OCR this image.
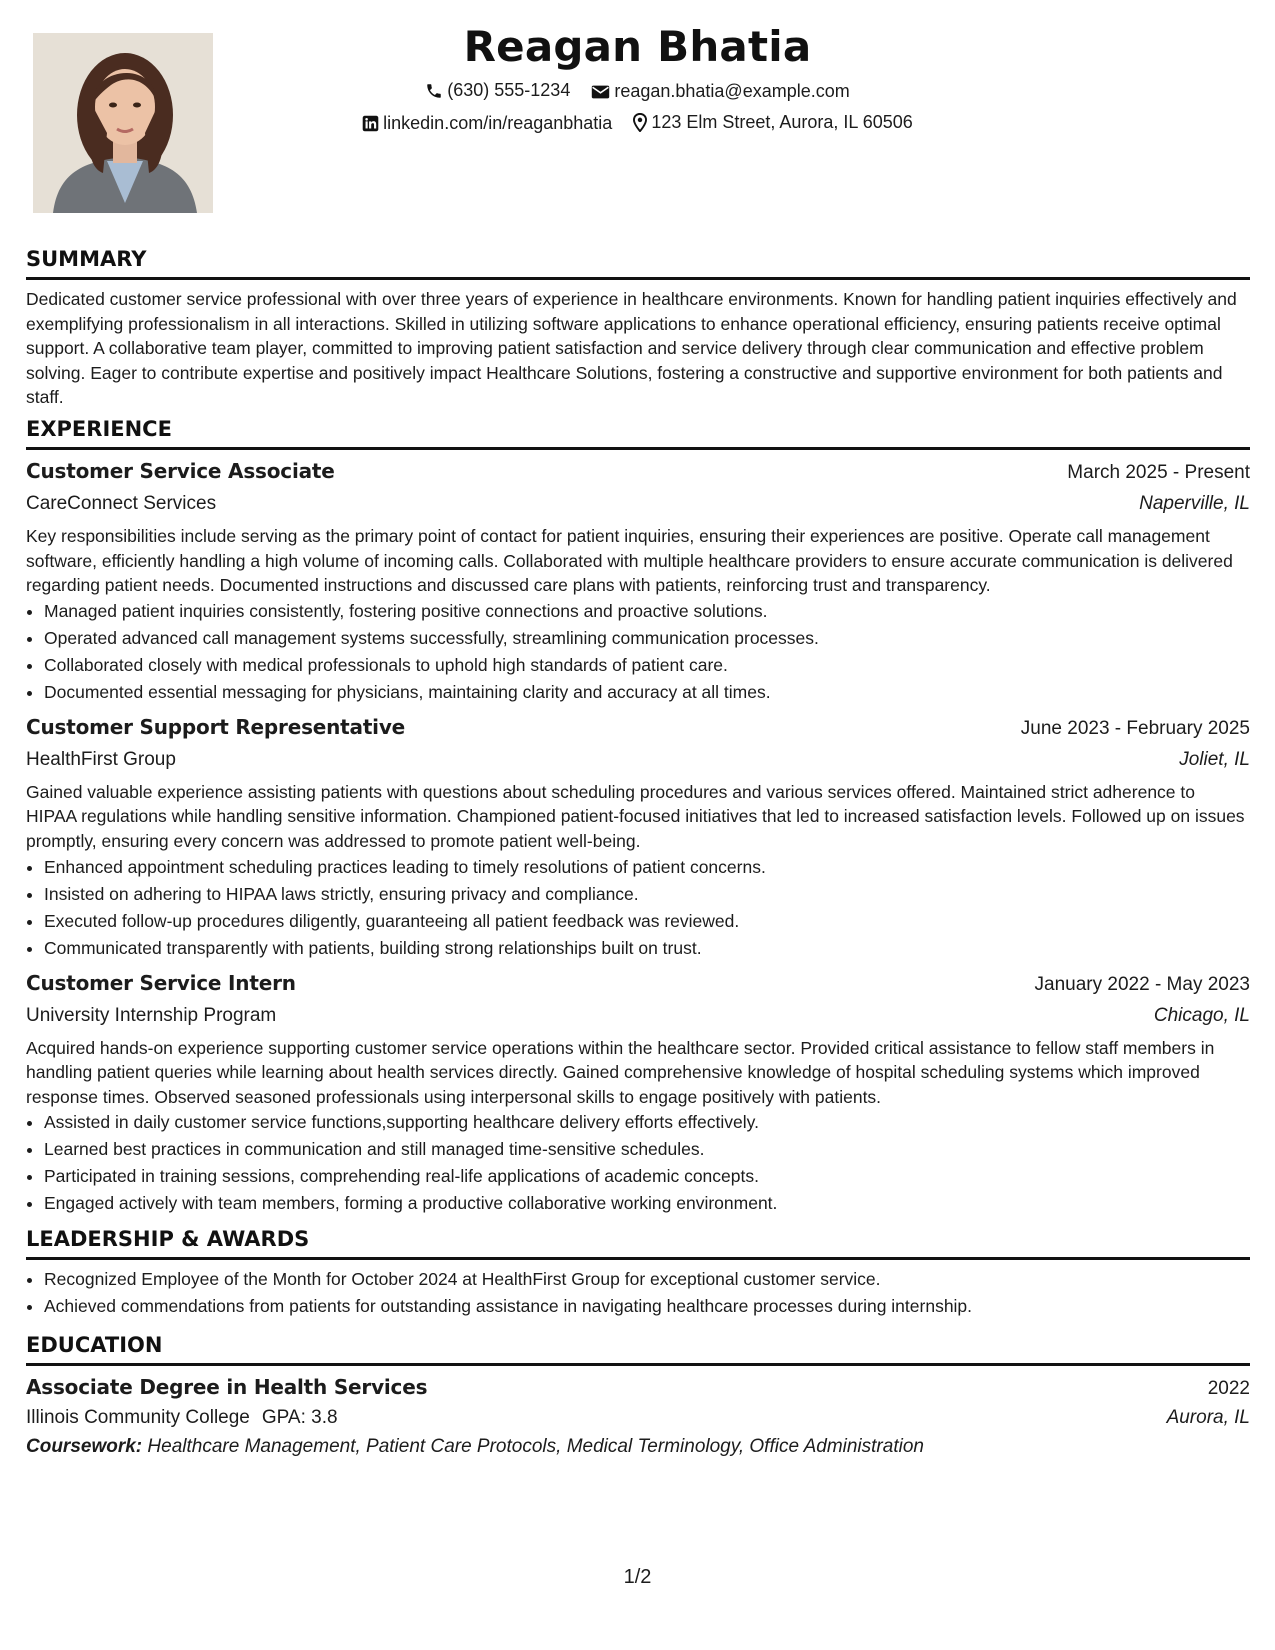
Reagan Bhatia
(630) 555-1234
reagan.bhatia@example.com
linkedin.com/in/reaganbhatia
123 Elm Street, Aurora, IL 60506
SUMMARY

Dedicated customer service professional with over three years of experience in healthcare environments. Known for handling patient inquiries effectively and exemplifying professionalism in all interactions. Skilled in utilizing software applications to enhance operational efficiency, ensuring patients receive optimal support. A collaborative team player, committed to improving patient satisfaction and service delivery through clear communication and effective problem solving. Eager to contribute expertise and positively impact Healthcare Solutions, fostering a constructive and supportive environment for both patients and staff.

EXPERIENCE
Customer Service Associate	March 2025 - Present
CareConnect Services	Naperville, IL

Key responsibilities include serving as the primary point of contact for patient inquiries, ensuring their experiences are positive. Operate call management software, efficiently handling a high volume of incoming calls. Collaborated with multiple healthcare providers to ensure accurate communication is delivered regarding patient needs. Documented instructions and discussed care plans with patients, reinforcing trust and transparency.

• Managed patient inquiries consistently, fostering positive connections and proactive solutions.
• Operated advanced call management systems successfully, streamlining communication processes.
• Collaborated closely with medical professionals to uphold high standards of patient care.
• Documented essential messaging for physicians, maintaining clarity and accuracy at all times.
Customer Support Representative	June 2023 - February 2025
HealthFirst Group	Joliet, IL

Gained valuable experience assisting patients with questions about scheduling procedures and various services offered. Maintained strict adherence to HIPAA regulations while handling sensitive information. Championed patient-focused initiatives that led to increased satisfaction levels. Followed up on issues promptly, ensuring every concern was addressed to promote patient well-being.

• Enhanced appointment scheduling practices leading to timely resolutions of patient concerns.
• Insisted on adhering to HIPAA laws strictly, ensuring privacy and compliance.
• Executed follow-up procedures diligently, guaranteeing all patient feedback was reviewed.
• Communicated transparently with patients, building strong relationships built on trust.
Customer Service Intern	January 2022 - May 2023
University Internship Program	Chicago, IL

Acquired hands-on experience supporting customer service operations within the healthcare sector. Provided critical assistance to fellow staff members in handling patient queries while learning about health services directly. Gained comprehensive knowledge of hospital scheduling systems which improved response times. Observed seasoned professionals using interpersonal skills to engage positively with patients.

• Assisted in daily customer service functions,supporting healthcare delivery efforts effectively.
• Learned best practices in communication and still managed time-sensitive schedules.
• Participated in training sessions, comprehending real-life applications of academic concepts.
• Engaged actively with team members, forming a productive collaborative working environment.
LEADERSHIP & AWARDS
• Recognized Employee of the Month for October 2024 at HealthFirst Group for exceptional customer service.
• Achieved commendations from patients for outstanding assistance in navigating healthcare processes during internship.
EDUCATION
Associate Degree in Health Services	2022
Illinois Community College GPA: 3.8	Aurora, IL
Coursework: Healthcare Management, Patient Care Protocols, Medical Terminology, Office Administration
1/2
